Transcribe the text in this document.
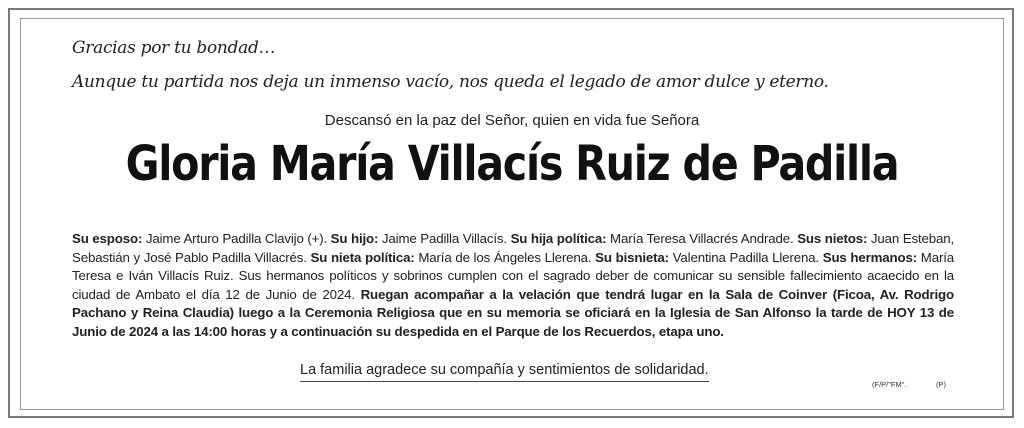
Gracias por tu bondad…
Aunque tu partida nos deja un inmenso vacío, nos queda el legado de amor dulce y eterno.
Descansó en la paz del Señor, quien en vida fue Señora
Gloria María Villacís Ruiz de Padilla
Su esposo: Jaime Arturo Padilla Clavijo (+). Su hijo: Jaime Padilla Villacís. Su hija política: María Teresa Villacrés Andrade. Sus nietos: Juan Esteban, Sebastián y José Pablo Padilla Villacrés. Su nieta política: María de los Ángeles Llerena. Su bisnieta: Valentina Padilla Llerena. Sus hermanos: María Teresa e Iván Villacís Ruiz. Sus hermanos políticos y sobrinos cumplen con el sagrado deber de comunicar su sensible fallecimiento acaecido en la ciudad de Ambato el día 12 de Junio de 2024. Ruegan acompañar a la velación que tendrá lugar en la Sala de Coinver (Ficoa, Av. Rodrigo Pachano y Reina Claudia) luego a la Ceremonia Religiosa que en su memoria se oficiará en la Iglesia de San Alfonso la tarde de HOY 13 de Junio de 2024 a las 14:00 horas y a continuación su despedida en el Parque de los Recuerdos, etapa uno.
La familia agradece su compañía y sentimientos de solidaridad.
(F/P/"FM".	(P)
